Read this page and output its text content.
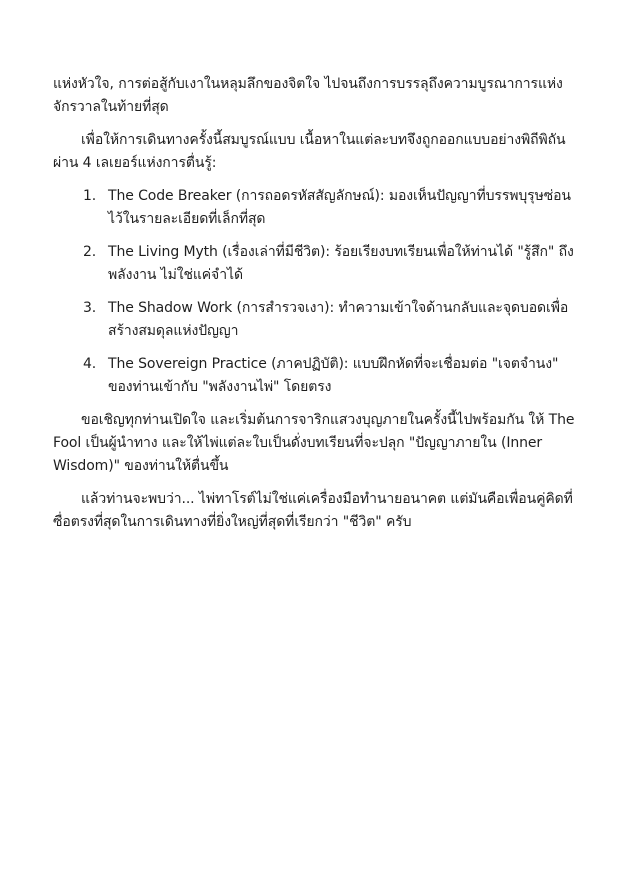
แห่งหัวใจ, การต่อสู้กับเงาในหลุมลึกของจิตใจ ไปจนถึงการบรรลุถึงความบูรณาการแห่งจักรวาลในท้ายที่สุด

เพื่อให้การเดินทางครั้งนี้สมบูรณ์แบบ เนื้อหาในแต่ละบทจึงถูกออกแบบอย่างพิถีพิถันผ่าน 4 เลเยอร์แห่งการตื่นรู้:

1. The Code Breaker (การถอดรหัสสัญลักษณ์): มองเห็นปัญญาที่บรรพบุรุษซ่อนไว้ในรายละเอียดที่เล็กที่สุด
2. The Living Myth (เรื่องเล่าที่มีชีวิต): ร้อยเรียงบทเรียนเพื่อให้ท่านได้ "รู้สึก" ถึงพลังงาน ไม่ใช่แค่จำได้
3. The Shadow Work (การสำรวจเงา): ทำความเข้าใจด้านกลับและจุดบอดเพื่อสร้างสมดุลแห่งปัญญา
4. The Sovereign Practice (ภาคปฏิบัติ): แบบฝึกหัดที่จะเชื่อมต่อ "เจตจำนง" ของท่านเข้ากับ "พลังงานไพ่" โดยตรง

ขอเชิญทุกท่านเปิดใจ และเริ่มต้นการจาริกแสวงบุญภายในครั้งนี้ไปพร้อมกัน ให้ The Fool เป็นผู้นำทาง และให้ไพ่แต่ละใบเป็นดั่งบทเรียนที่จะปลุก "ปัญญาภายใน (Inner Wisdom)" ของท่านให้ตื่นขึ้น

แล้วท่านจะพบว่า... ไพ่ทาโรต์ไม่ใช่แค่เครื่องมือทำนายอนาคต แต่มันคือเพื่อนคู่คิดที่ซื่อตรงที่สุดในการเดินทางที่ยิ่งใหญ่ที่สุดที่เรียกว่า "ชีวิต" ครับ
